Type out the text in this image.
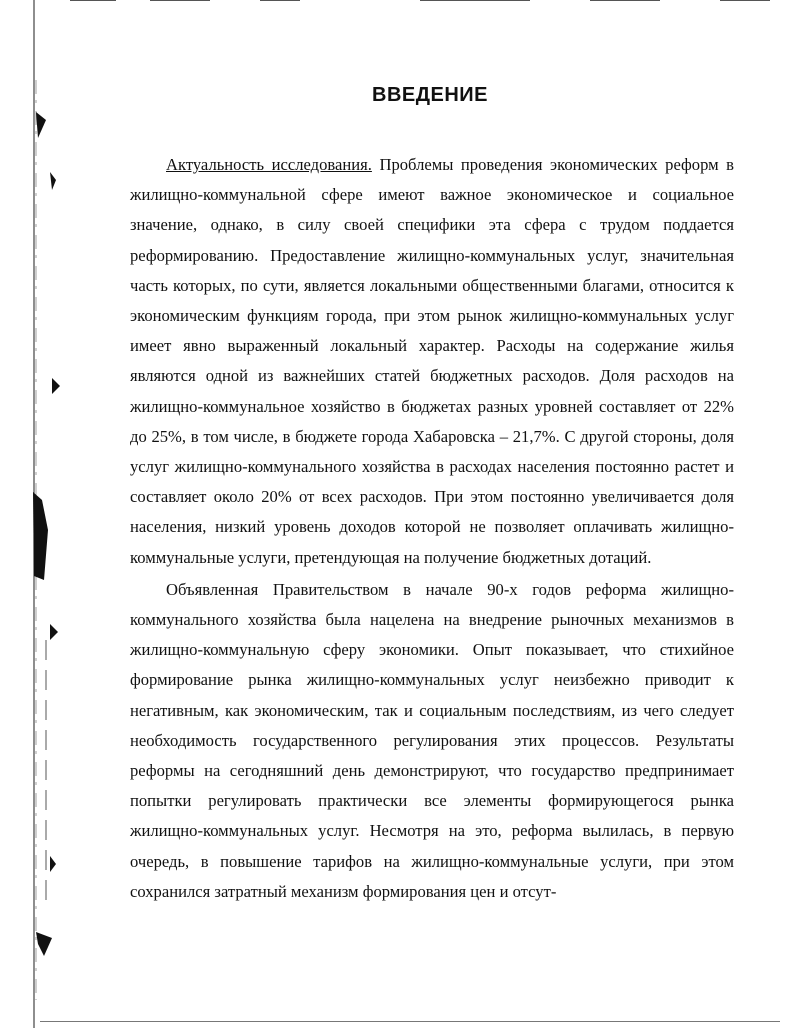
ВВЕДЕНИЕ

Актуальность исследования. Проблемы проведения экономических реформ в жилищно-коммунальной сфере имеют важное экономическое и социальное значение, однако, в силу своей специфики эта сфера с трудом поддается реформированию. Предоставление жилищно-коммунальных услуг, значительная часть которых, по сути, является локальными общественными благами, относится к экономическим функциям города, при этом рынок жилищно-коммунальных услуг имеет явно выраженный локальный характер. Расходы на содержание жилья являются одной из важнейших статей бюджетных расходов. Доля расходов на жилищно-коммунальное хозяйство в бюджетах разных уровней составляет от 22% до 25%, в том числе, в бюджете города Хабаровска – 21,7%. С другой стороны, доля услуг жилищно-коммунального хозяйства в расходах населения постоянно растет и составляет около 20% от всех расходов. При этом постоянно увеличивается доля населения, низкий уровень доходов которой не позволяет оплачивать жилищно-коммунальные услуги, претендующая на получение бюджетных дотаций.

Объявленная Правительством в начале 90-х годов реформа жилищно-коммунального хозяйства была нацелена на внедрение рыночных механизмов в жилищно-коммунальную сферу экономики. Опыт показывает, что стихийное формирование рынка жилищно-коммунальных услуг неизбежно приводит к негативным, как экономическим, так и социальным последствиям, из чего следует необходимость государственного регулирования этих процессов. Результаты реформы на сегодняшний день демонстрируют, что государство предпринимает попытки регулировать практически все элементы формирующегося рынка жилищно-коммунальных услуг. Несмотря на это, реформа вылилась, в первую очередь, в повышение тарифов на жилищно-коммунальные услуги, при этом сохранился затратный механизм формирования цен и отсут-
